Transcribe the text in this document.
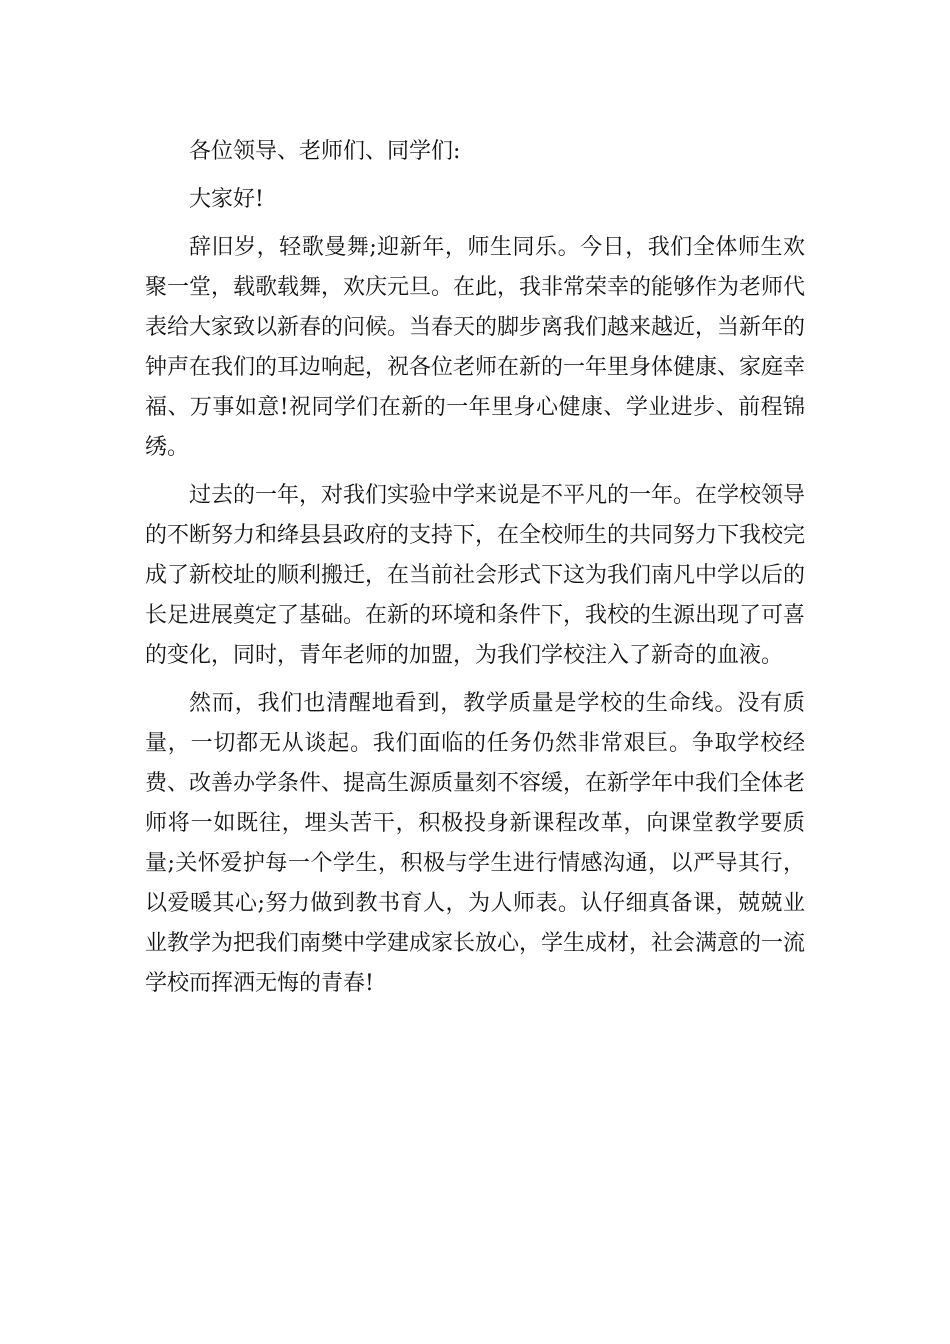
各位领导、老师们、同学们:

大家好!

辞旧岁，轻歌曼舞;迎新年，师生同乐。今日，我们全体师生欢聚一堂，载歌载舞，欢庆元旦。在此，我非常荣幸的能够作为老师代表给大家致以新春的问候。当春天的脚步离我们越来越近，当新年的钟声在我们的耳边响起，祝各位老师在新的一年里身体健康、家庭幸福、万事如意!祝同学们在新的一年里身心健康、学业进步、前程锦绣。

过去的一年，对我们实验中学来说是不平凡的一年。在学校领导的不断努力和绛县县政府的支持下，在全校师生的共同努力下我校完成了新校址的顺利搬迁，在当前社会形式下这为我们南凡中学以后的长足进展奠定了基础。在新的环境和条件下，我校的生源出现了可喜的变化，同时，青年老师的加盟，为我们学校注入了新奇的血液。

然而，我们也清醒地看到，教学质量是学校的生命线。没有质量，一切都无从谈起。我们面临的任务仍然非常艰巨。争取学校经费、改善办学条件、提高生源质量刻不容缓，在新学年中我们全体老师将一如既往，埋头苦干，积极投身新课程改革，向课堂教学要质量;关怀爱护每一个学生，积极与学生进行情感沟通，以严导其行，以爱暖其心;努力做到教书育人，为人师表。认仔细真备课，兢兢业业教学为把我们南樊中学建成家长放心，学生成材，社会满意的一流学校而挥洒无悔的青春!
